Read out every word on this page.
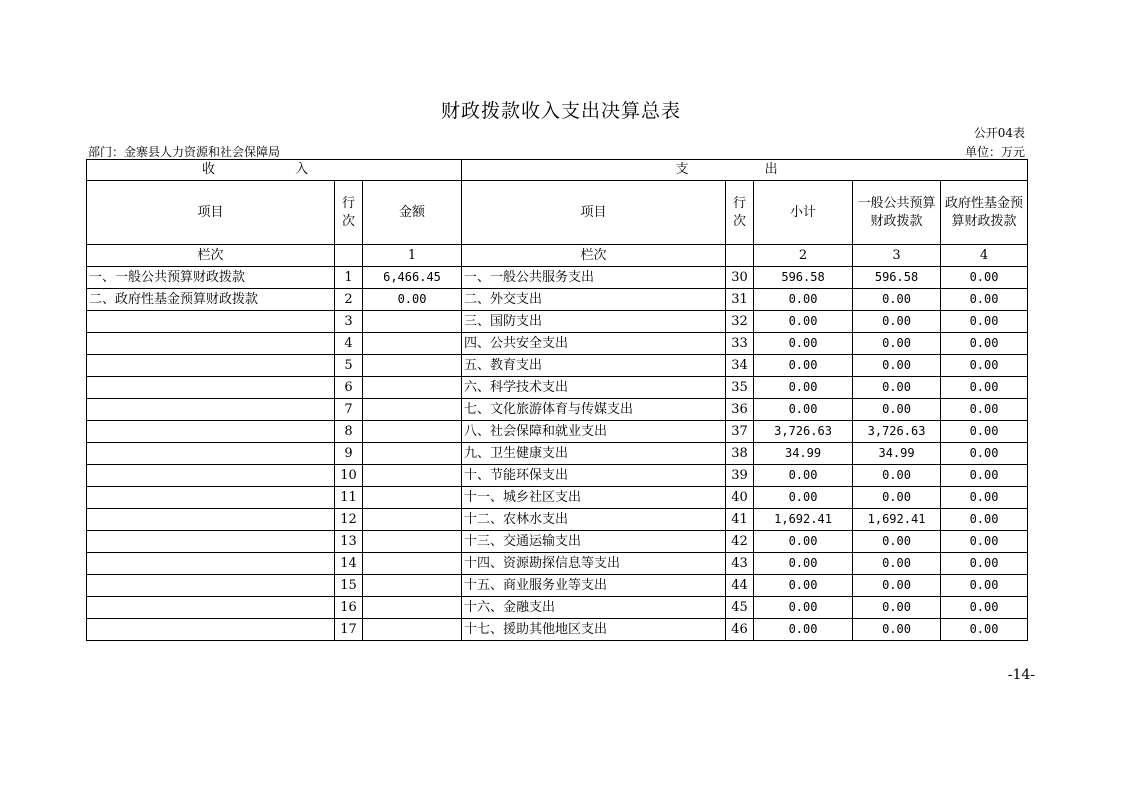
财政拨款收入支出决算总表
公开04表
部门：金寨县人力资源和社会保障局	单位：万元
收 入			支 出				
项目	行次	金额	项目	行次	小计	一般公共预算财政拨款	政府性基金预算财政拨款
栏次		1	栏次		2	3	4
一、一般公共预算财政拨款	1	6,466.45	一、一般公共服务支出	30	596.58	596.58	0.00
二、政府性基金预算财政拨款	2	0.00	二、外交支出	31	0.00	0.00	0.00
	3		三、国防支出	32	0.00	0.00	0.00
	4		四、公共安全支出	33	0.00	0.00	0.00
	5		五、教育支出	34	0.00	0.00	0.00
	6		六、科学技术支出	35	0.00	0.00	0.00
	7		七、文化旅游体育与传媒支出	36	0.00	0.00	0.00
	8		八、社会保障和就业支出	37	3,726.63	3,726.63	0.00
	9		九、卫生健康支出	38	34.99	34.99	0.00
	10		十、节能环保支出	39	0.00	0.00	0.00
	11		十一、城乡社区支出	40	0.00	0.00	0.00
	12		十二、农林水支出	41	1,692.41	1,692.41	0.00
	13		十三、交通运输支出	42	0.00	0.00	0.00
	14		十四、资源勘探信息等支出	43	0.00	0.00	0.00
	15		十五、商业服务业等支出	44	0.00	0.00	0.00
	16		十六、金融支出	45	0.00	0.00	0.00
	17		十七、援助其他地区支出	46	0.00	0.00	0.00
-14-
